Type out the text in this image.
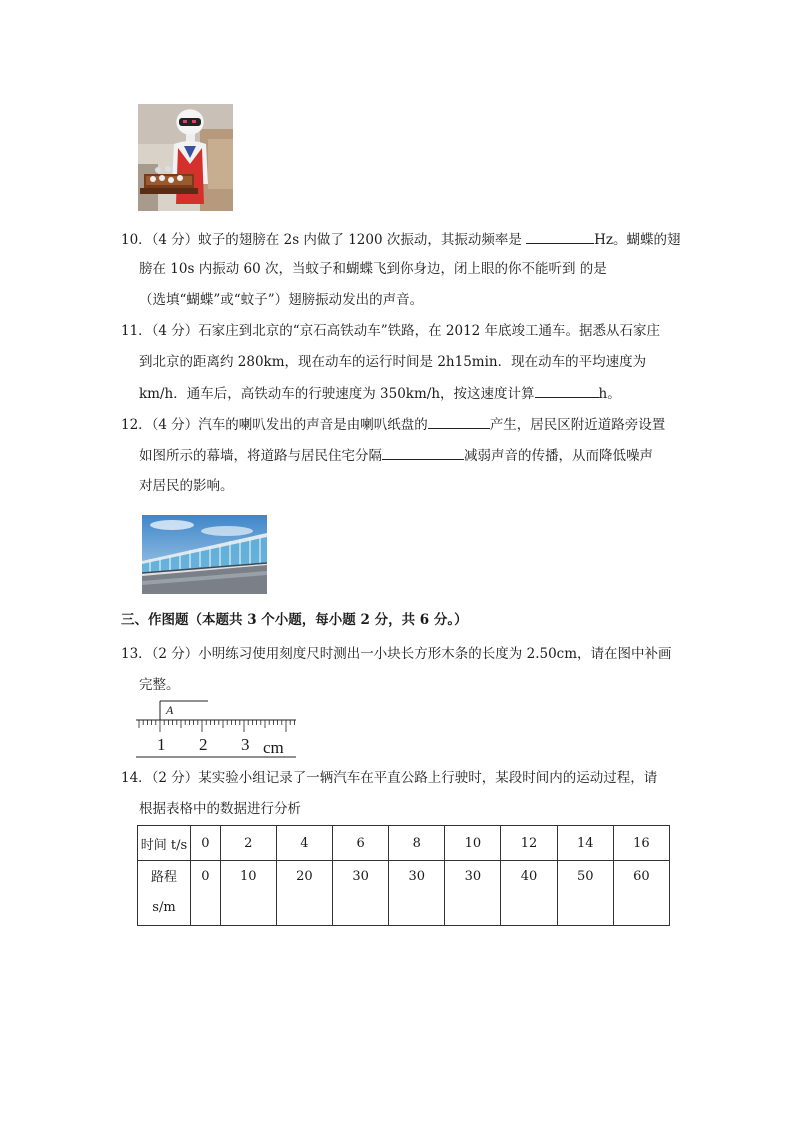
10．（4 分）蚊子的翅膀在 2s 内做了 1200 次振动，其振动频率是	Hz。蝴蝶的翅
膀在 10s 内振动 60 次，当蚊子和蝴蝶飞到你身边，闭上眼的你不能听到 的是
（选填“蝴蝶”或“蚊子”）翅膀振动发出的声音。
11．（4 分）石家庄到北京的“京石高铁动车”铁路，在 2012 年底竣工通车。据悉从石家庄
到北京的距离约 280km，现在动车的运行时间是 2h15min．现在动车的平均速度为
km/h．通车后，高铁动车的行驶速度为 350km/h，按这速度计算	h。
12．（4 分）汽车的喇叭发出的声音是由喇叭纸盘的	产生，居民区附近道路旁设置
如图所示的幕墙，将道路与居民住宅分隔	减弱声音的传播，从而降低噪声
对居民的影响。
三、作图题（本题共 3 个小题，每小题 2 分，共 6 分。）
13．（2 分）小明练习使用刻度尺时测出一小块长方形木条的长度为 2.50cm，请在图中补画
完整。
A
1 2 3 cm
14．（2 分）某实验小组记录了一辆汽车在平直公路上行驶时，某段时间内的运动过程，请
根据表格中的数据进行分析
时间 t/s	0	2	4	6	8	10	12	14	16

路程
s/m	0	10	20	30	30	30	40	50	60
